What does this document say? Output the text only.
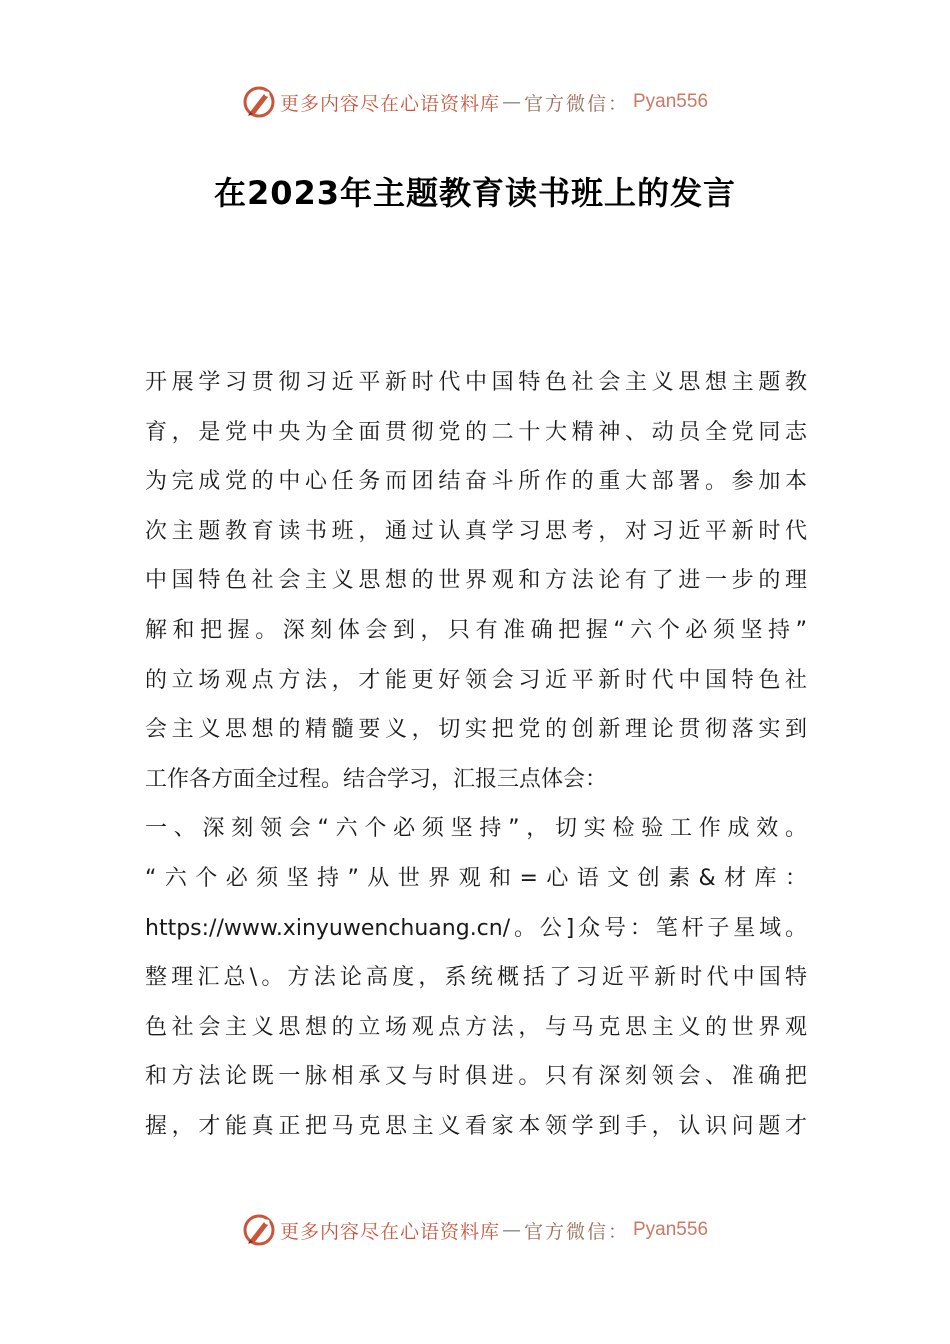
更多内容尽在心语资料库 — 官方微信： Pyan556
在2023年主题教育读书班上的发言
开展学习贯彻习近平新时代中国特色社会主义思想主题教
育，是党中央为全面贯彻党的二十大精神、动员全党同志
为完成党的中心任务而团结奋斗所作的重大部署。参加本
次主题教育读书班，通过认真学习思考，对习近平新时代
中国特色社会主义思想的世界观和方法论有了进一步的理
解和把握。深刻体会到，只有准确把握“六个必须坚持”
的立场观点方法，才能更好领会习近平新时代中国特色社
会主义思想的精髓要义，切实把党的创新理论贯彻落实到
工作各方面全过程。结合学习，汇报三点体会：
一、深刻领会“六个必须坚持”，切实检验工作成效。
“六个必须坚持”从世界观和=心语文创素&材库：
https://www.xinyuwenchuang.cn/。公]众号：笔杆子星域。
整理汇总\。方法论高度，系统概括了习近平新时代中国特
色社会主义思想的立场观点方法，与马克思主义的世界观
和方法论既一脉相承又与时俱进。只有深刻领会、准确把
握，才能真正把马克思主义看家本领学到手，认识问题才
更多内容尽在心语资料库 — 官方微信： Pyan556
